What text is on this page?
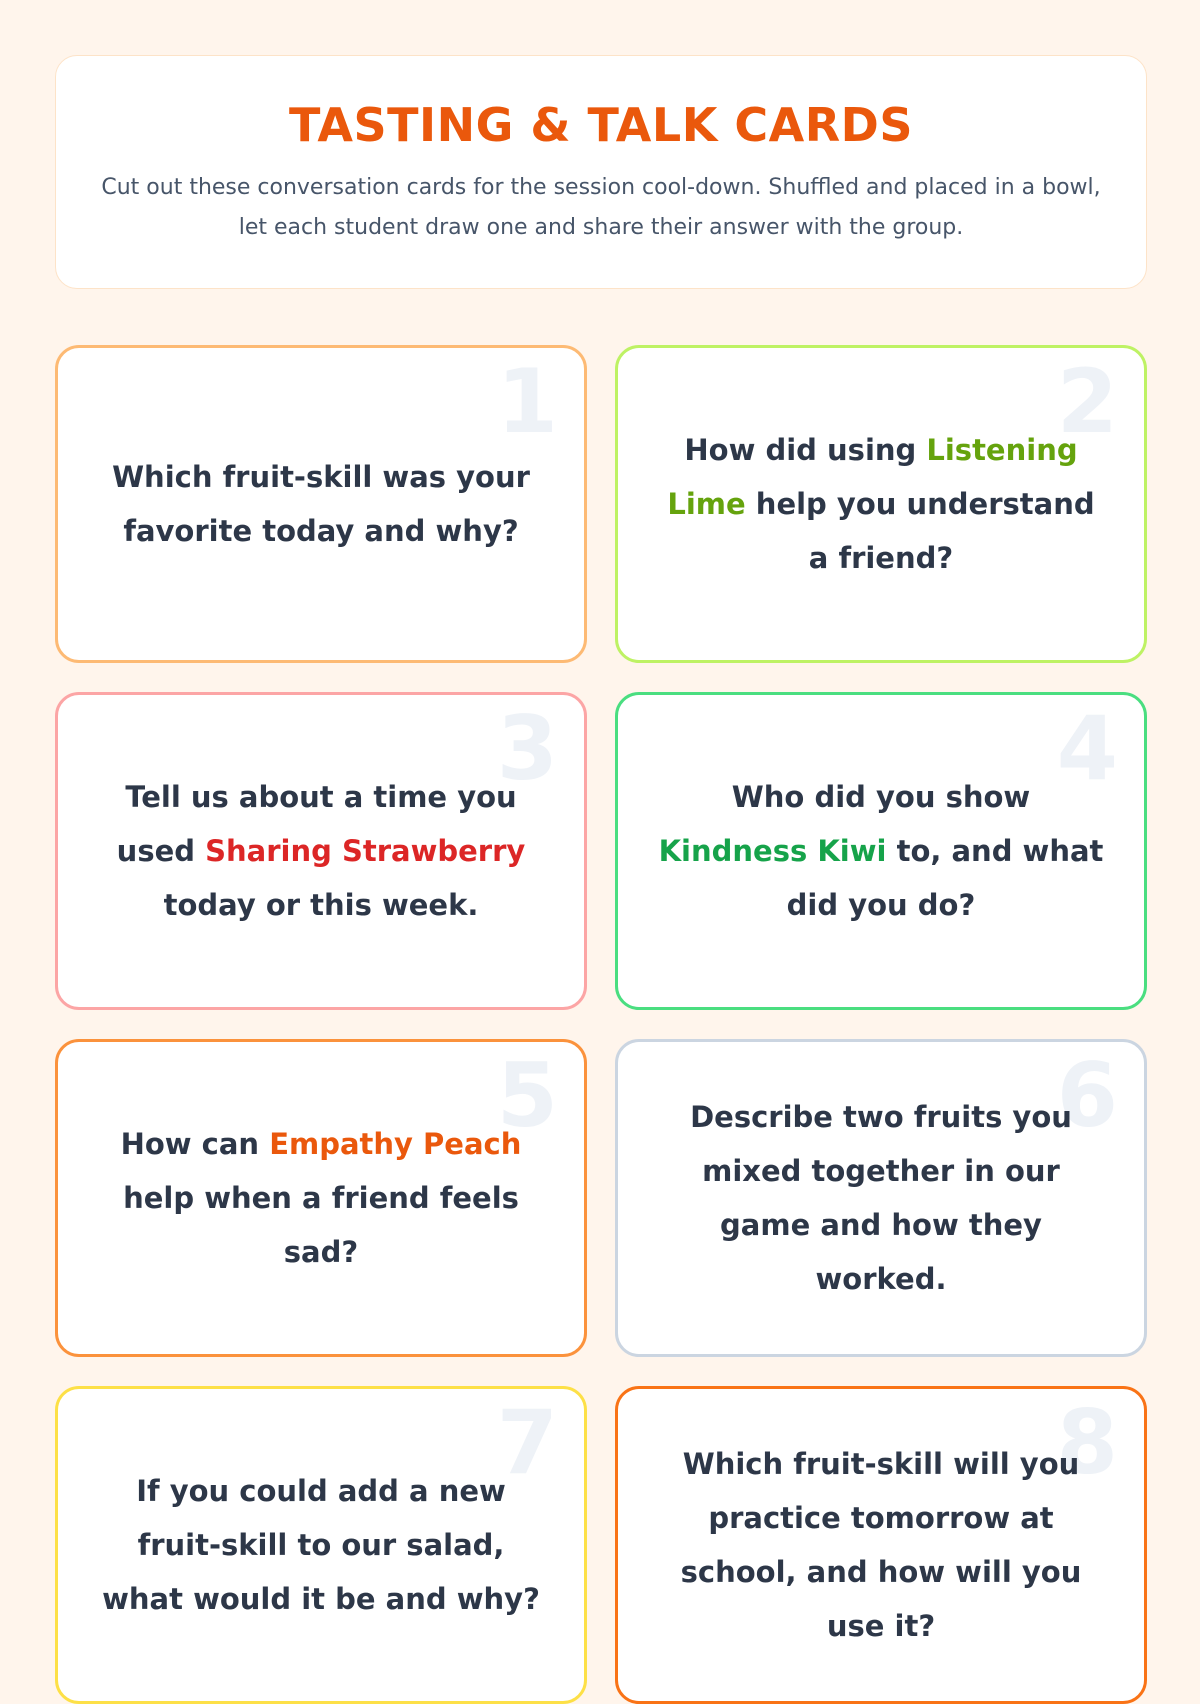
TASTING & TALK CARDS
Cut out these conversation cards for the session cool-down. Shuffled and placed in a bowl, let each student draw one and share their answer with the group.
1
Which fruit-skill was your favorite today and why?
2
How did using Listening Lime help you understand a friend?
3
Tell us about a time you used Sharing Strawberry today or this week.
4
Who did you show Kindness Kiwi to, and what did you do?
5
How can Empathy Peach help when a friend feels sad?
6
Describe two fruits you mixed together in our game and how they worked.
7
If you could add a new fruit-skill to our salad, what would it be and why?
8
Which fruit-skill will you practice tomorrow at school, and how will you use it?
